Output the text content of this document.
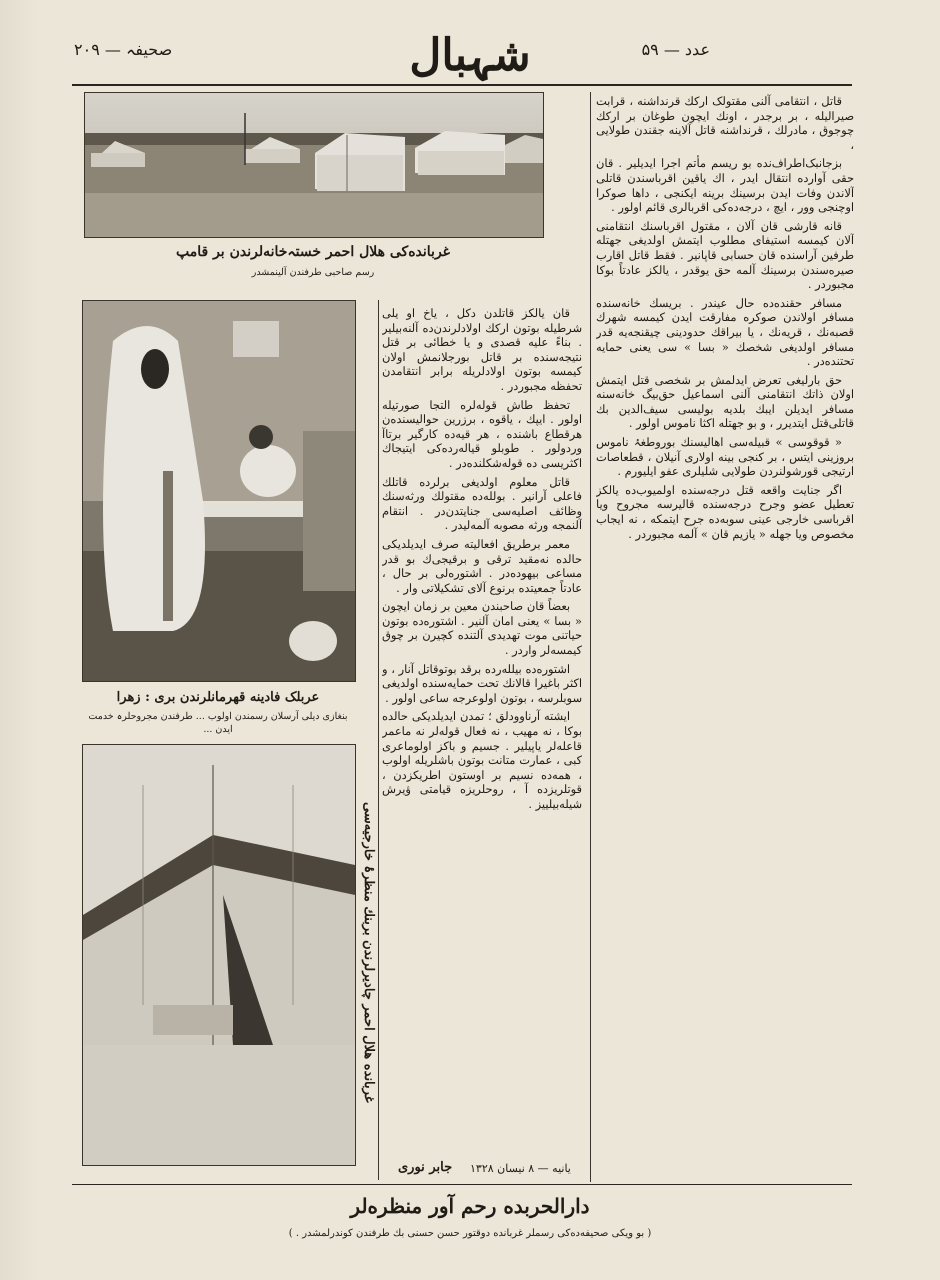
صحیفہ — ۲۰۹	شہبال	عدد — ۵۹
غربانده‌کی هلال احمر خستہ‌خانه‌لرندن بر قامپ
رسم صاحبی طرفندن آلینمشدر
عربلک فادینه قهرمانلرندن بری : زهرا
بنغازی دیلی آرسلان رسمندن اولوب ... طرفندن مجروحلرہ خدمت ایدن ...
غربانده هلال احمر چادیرلرندن بربنك منظرۂ خارجیه‌سی

قان یالكز قاتلدن دكل ، یاخ او یلی شرطیله بوتون اركك اولادلرندن‌ده آلنه‌بیلیر . بناءً علیه قصدی و یا خطائی بر قتل نتیجه‌سنده بر قاتل بورجلانمش اولان کیمسه بوتون اولادلریله برابر انتقامدن تحفظه مجبوردر .

تحفظ طاش قوله‌لره التجا صورتیله اولور . ایپك ، یاقوه ، برزرین حوالیسنده‌ن هرقطاع باشنده ، هر قیه‌ده کارگیر برتاآ وردولور . طوبلو قیاله‌رده‌کی ایتیجاك اكثریسی ده قوله‌شکلنده‌در .

قاتل معلوم اولدیغی برلرده قاتلك فاعلی آرانیر . بولله‌ده مقتولك ورثه‌سنك وظائف اصلیه‌سی جنایتدن‌در . انتقام آلنمجه ورثه مصوبه آلمه‌لیدر .

معمر برطریق افعالیته صرف ایدیلدیكی حالده نه‌مقید ترقی و برقیجی‌ك بو قدر مساعی بیهوده‌در . اشتوره‌لی بر حال ، عادتاً جمعیتده برنوع آلای تشكیلاتی وار .

بعضاً قان صاحبندن معین بر زمان ایچون « بسا » یعنی امان آلنیر . اشتوره‌ده بوتون حیاتنی موت تهدیدی آلتنده كچیرن بر چوق کیمسه‌لر واردر .

اشتوره‌ده بیلله‌رده برقد بوتوقاتل آنار ، و اکثر باغیرا قالانك تحت حمایه‌سنده اولدیغی سوبلرسه ، بوتون اولوعرجه ساعی اولور .

ایشته آرناوودلق ؛ تمدن ایدیلدیكی حالده بوکا ، نه مهیب ، نه فعال قوله‌لر نه ماعمر قاعله‌لر یاپیلیر . جسیم و باکز اولوماعری کبی ، عمارت متانت بوتون باشلریله اولوب ، همه‌ده نسیم بر اوستون اطریكزدن ، قوتلریزده آ ، روحلریزه قیامتی ۋیرش شیله‌بیلییز .

جابر نوری یانیه — ۸ نیسان ۱۳۲۸

قاتل ، انتقامی آلنی مقتولک اركك قرنداشنه ، قرابت صیرالیله ، بر برجدر ، اونك ایچون طوغان بر اركك چوجوق ، مادرلك ، قرنداشنه قاتل آلاینه جقندن طولایی ،

بزجانبک‌اطراف‌نده بو ریسم مأتم اجرا ایدیلیر . قان حقی آوارده انتقال ایدر ، اك یاقین اقرباسندن قاتلی آلاندن وفات ایدن برسینك برینه ایكنجی ، داها صوكرا اوچنجی وور ، ایچ ، درجه‌ده‌کی اقربالری قائم اولور .

قانه قارشی قان آلان ، مقتول اقرباسنك انتقامنی آلان كیمسه استیفای مطلوب ایتمش اولدیغی جهتله طرفین آراسنده قان حسابی قاپانیر . فقط قاتل اقارب صیره‌سندن برسینك آلمه حق یوقدر ، یالكز عادتاً بوكا مجبوردر .

مسافر حقنده‌ده حال عیندر . بریسك خانه‌سنده مسافر اولاندن صوكره مفارقت ایدن کیمسه شهرك قصبه‌نك ، قریه‌نك ، یا بیراقك حدودینی چیقنجه‌یه قدر مسافر اولدیغی شخصك « بسا » سی یعنی حمایه تحتنده‌در .

حق بارلیغی تعرض ایدلمش بر شخصی قتل ایتمش اولان ذاتك انتقامنی آلنی اسماعیل حق‌بیگ خانه‌سنه مسافر ایدیلن ایبك بلدیه بولیسی سیف‌الدین بك قاتلی‌قتل ایتدیرر ، و بو جهتله اکثا ناموس اولور .

« قوقوسی » قبیله‌سی اهالیسنك بوروطغۂ ناموس بروزینی ایتس ، بر کنجی بینه اولاری آنیلان ، قطعاصات ارتیجی قورشولنردن طولایی شلیلری عفو ایلیورم .

اگر جنایت واقعه قتل درجه‌سنده اولمیوب‌ده یالکز تعطیل عضو وجرح درجه‌سنده قالیرسه مجروح ویا اقرباسی خارجی عینی سوبه‌ده جرح ایتمكه ، نه ایجاب مخصوص ویا جهله « یازیم قان » آلمه مجبوردر .

دارالحربده رحم آور منظره‌لر
( بو ویکی صحیفه‌ده‌کی رسملر غربانده دوقتور حسن حسنی بك طرفندن کوندرلمشدر . )
